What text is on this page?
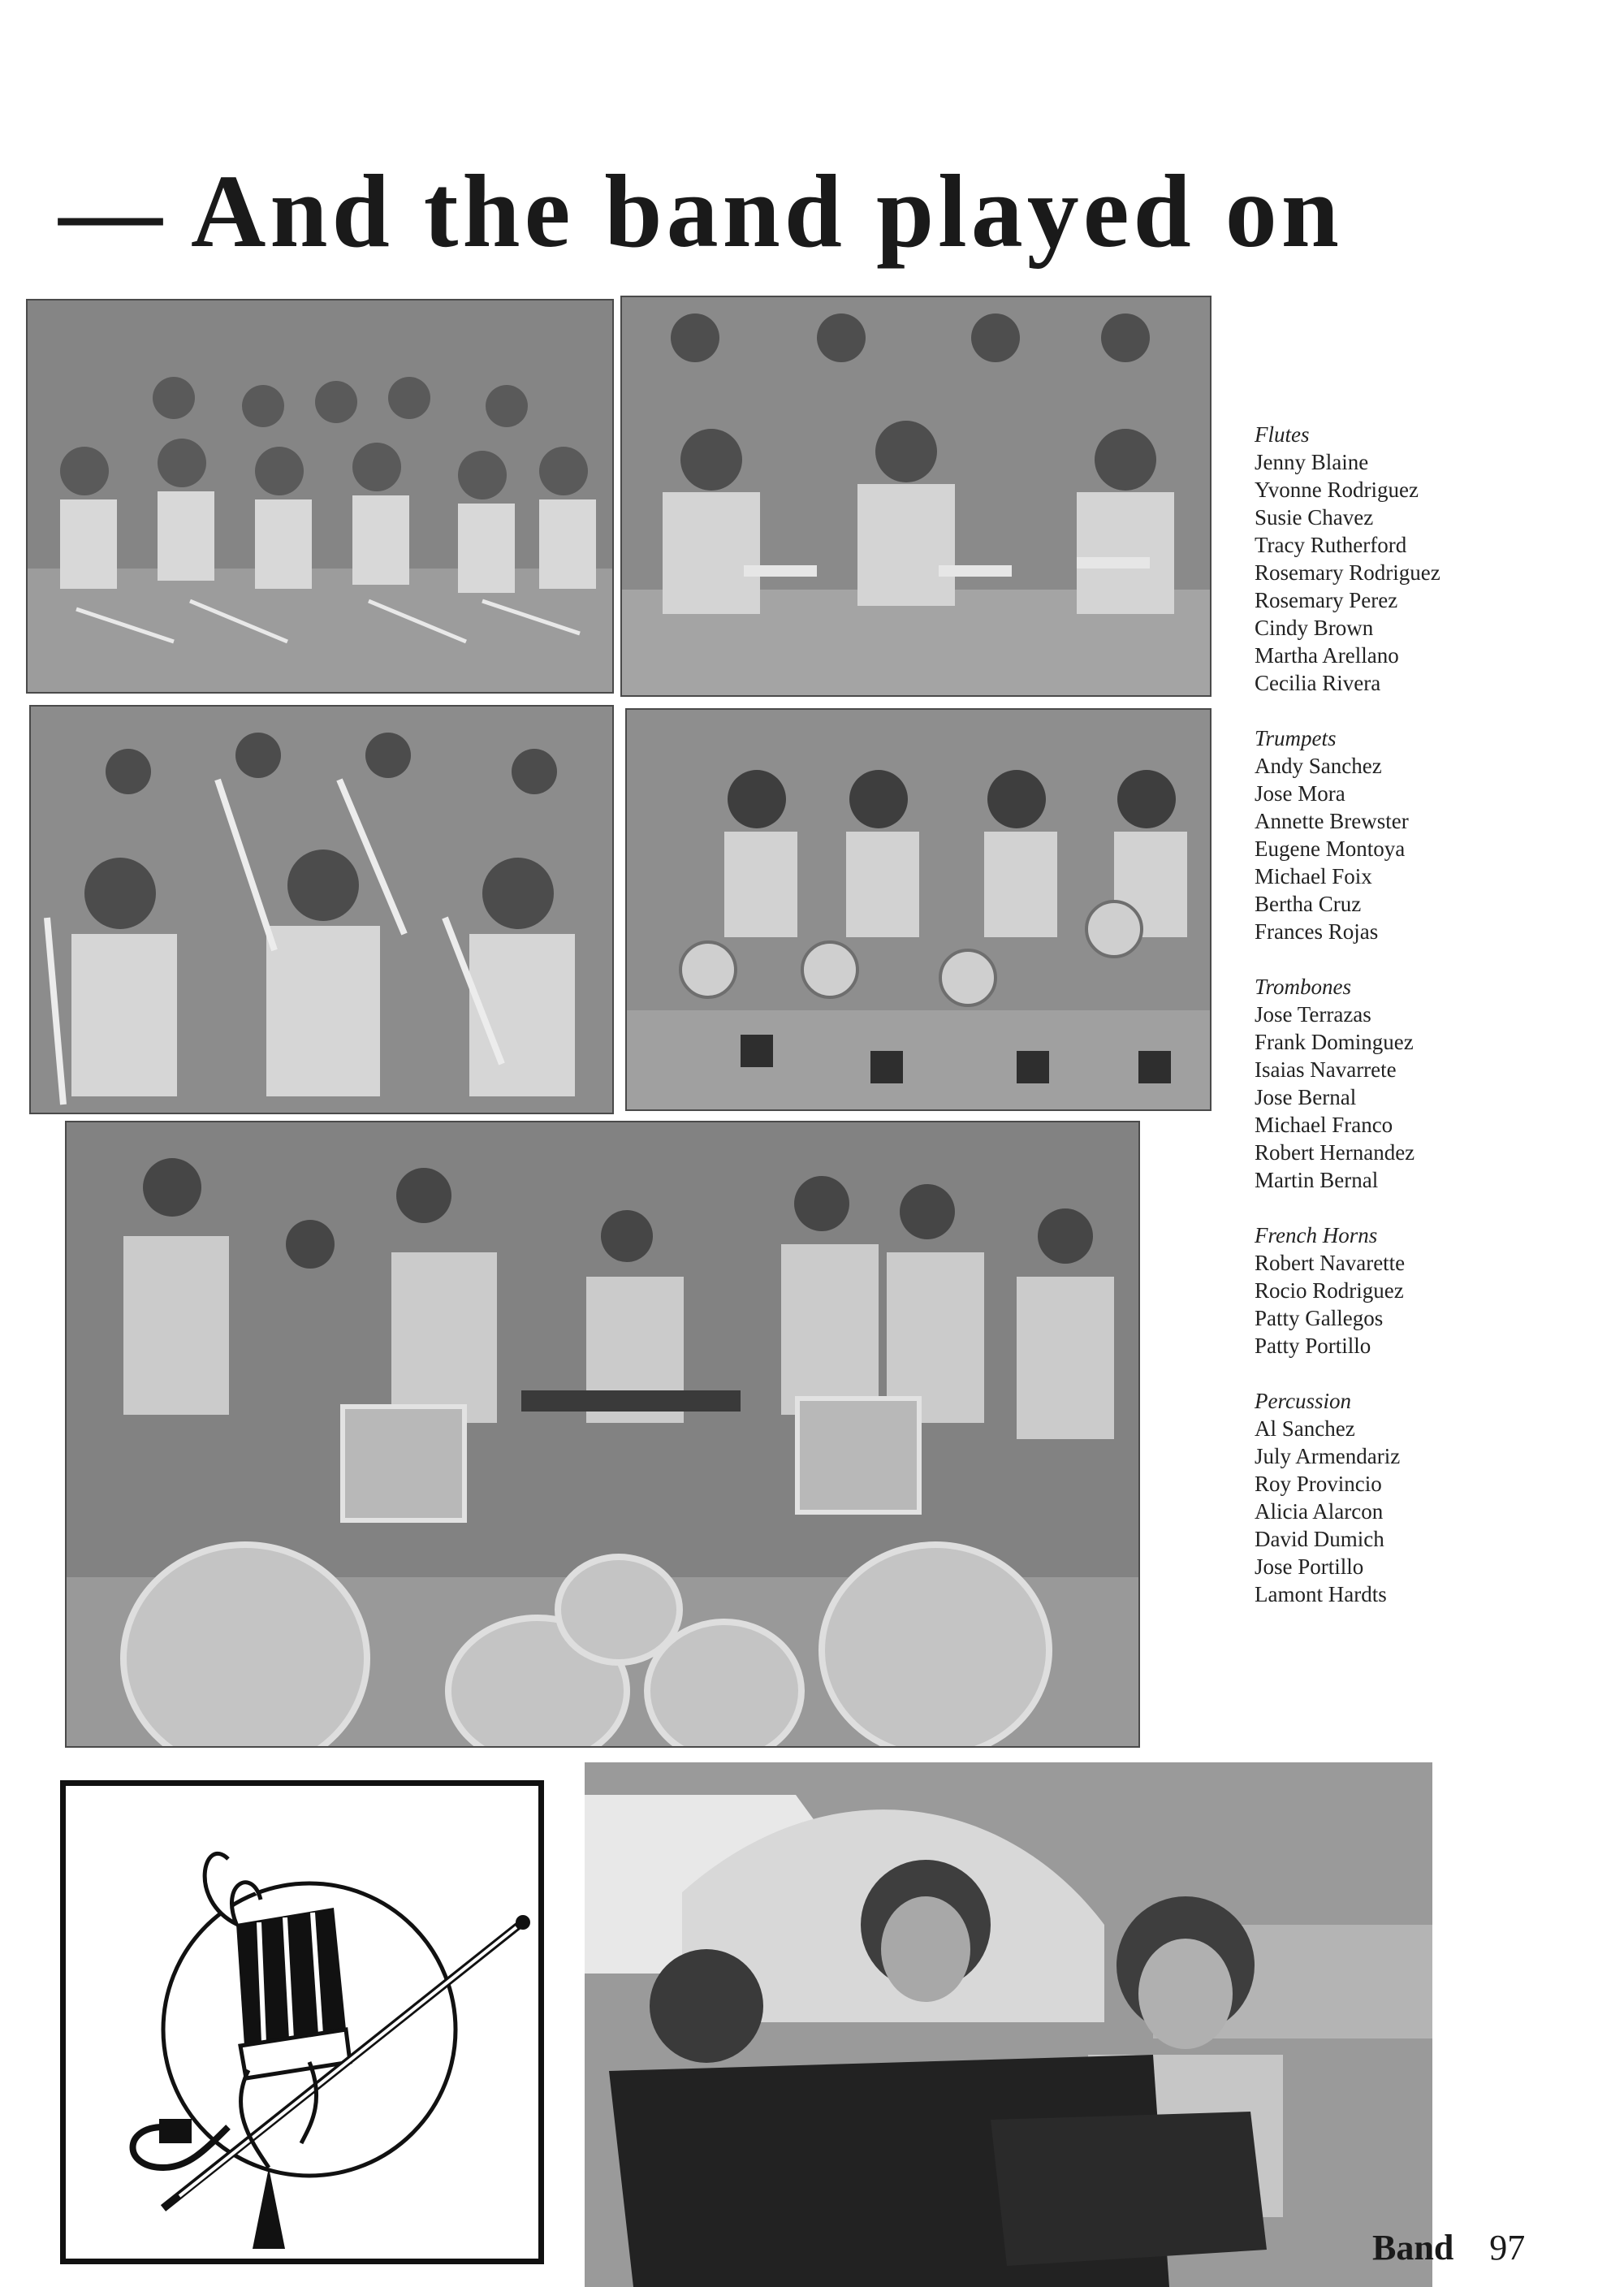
— And the band played on
Flutes
Jenny Blaine
Yvonne Rodriguez
Susie Chavez
Tracy Rutherford
Rosemary Rodriguez
Rosemary Perez
Cindy Brown
Martha Arellano
Cecilia Rivera
Trumpets
Andy Sanchez
Jose Mora
Annette Brewster
Eugene Montoya
Michael Foix
Bertha Cruz
Frances Rojas
Trombones
Jose Terrazas
Frank Dominguez
Isaias Navarrete
Jose Bernal
Michael Franco
Robert Hernandez
Martin Bernal
French Horns
Robert Navarette
Rocio Rodriguez
Patty Gallegos
Patty Portillo
Percussion
Al Sanchez
July Armendariz
Roy Provincio
Alicia Alarcon
David Dumich
Jose Portillo
Lamont Hardts
Band 97
